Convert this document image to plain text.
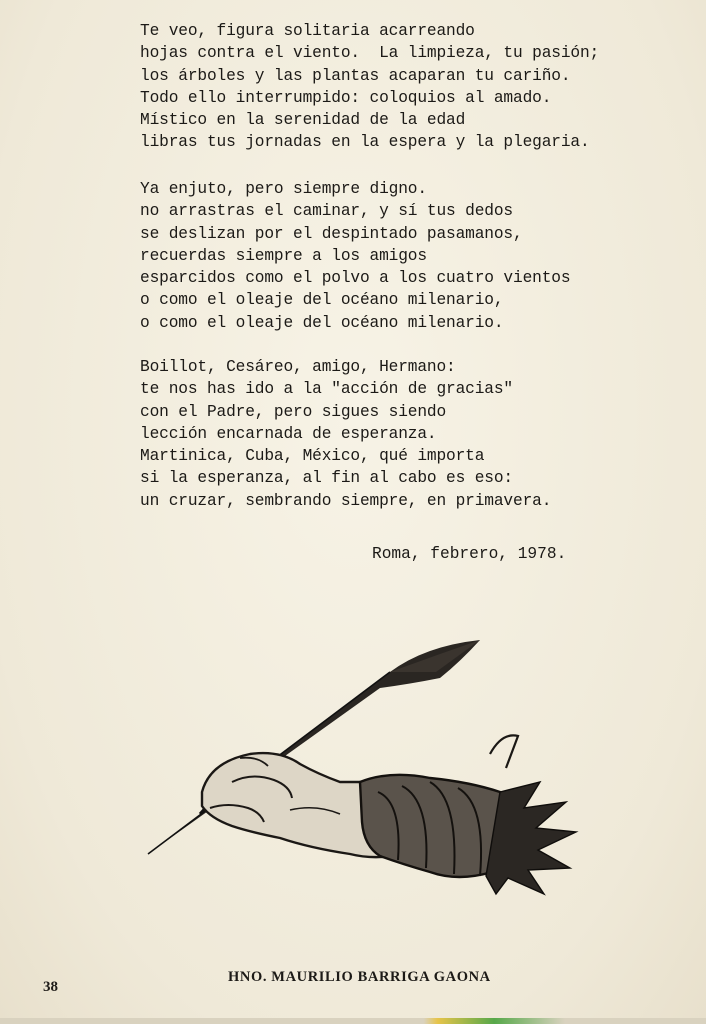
Te veo, figura solitaria acarreando
hojas contra el viento.  La limpieza, tu pasión;
los árboles y las plantas acaparan tu cariño.
Todo ello interrumpido: coloquios al amado.
Místico en la serenidad de la edad
libras tus jornadas en la espera y la plegaria.
Ya enjuto, pero siempre digno.
no arrastras el caminar, y sí tus dedos
se deslizan por el despintado pasamanos,
recuerdas siempre a los amigos
esparcidos como el polvo a los cuatro vientos
o como el oleaje del océano milenario,
o como el oleaje del océano milenario.
Boillot, Cesáreo, amigo, Hermano:
te nos has ido a la "acción de gracias"
con el Padre, pero sigues siendo
lección encarnada de esperanza.
Martinica, Cuba, México, qué importa
si la esperanza, al fin al cabo es eso:
un cruzar, sembrando siempre, en primavera.
Roma, febrero, 1978.
HNO. MAURILIO BARRIGA GAONA
38
